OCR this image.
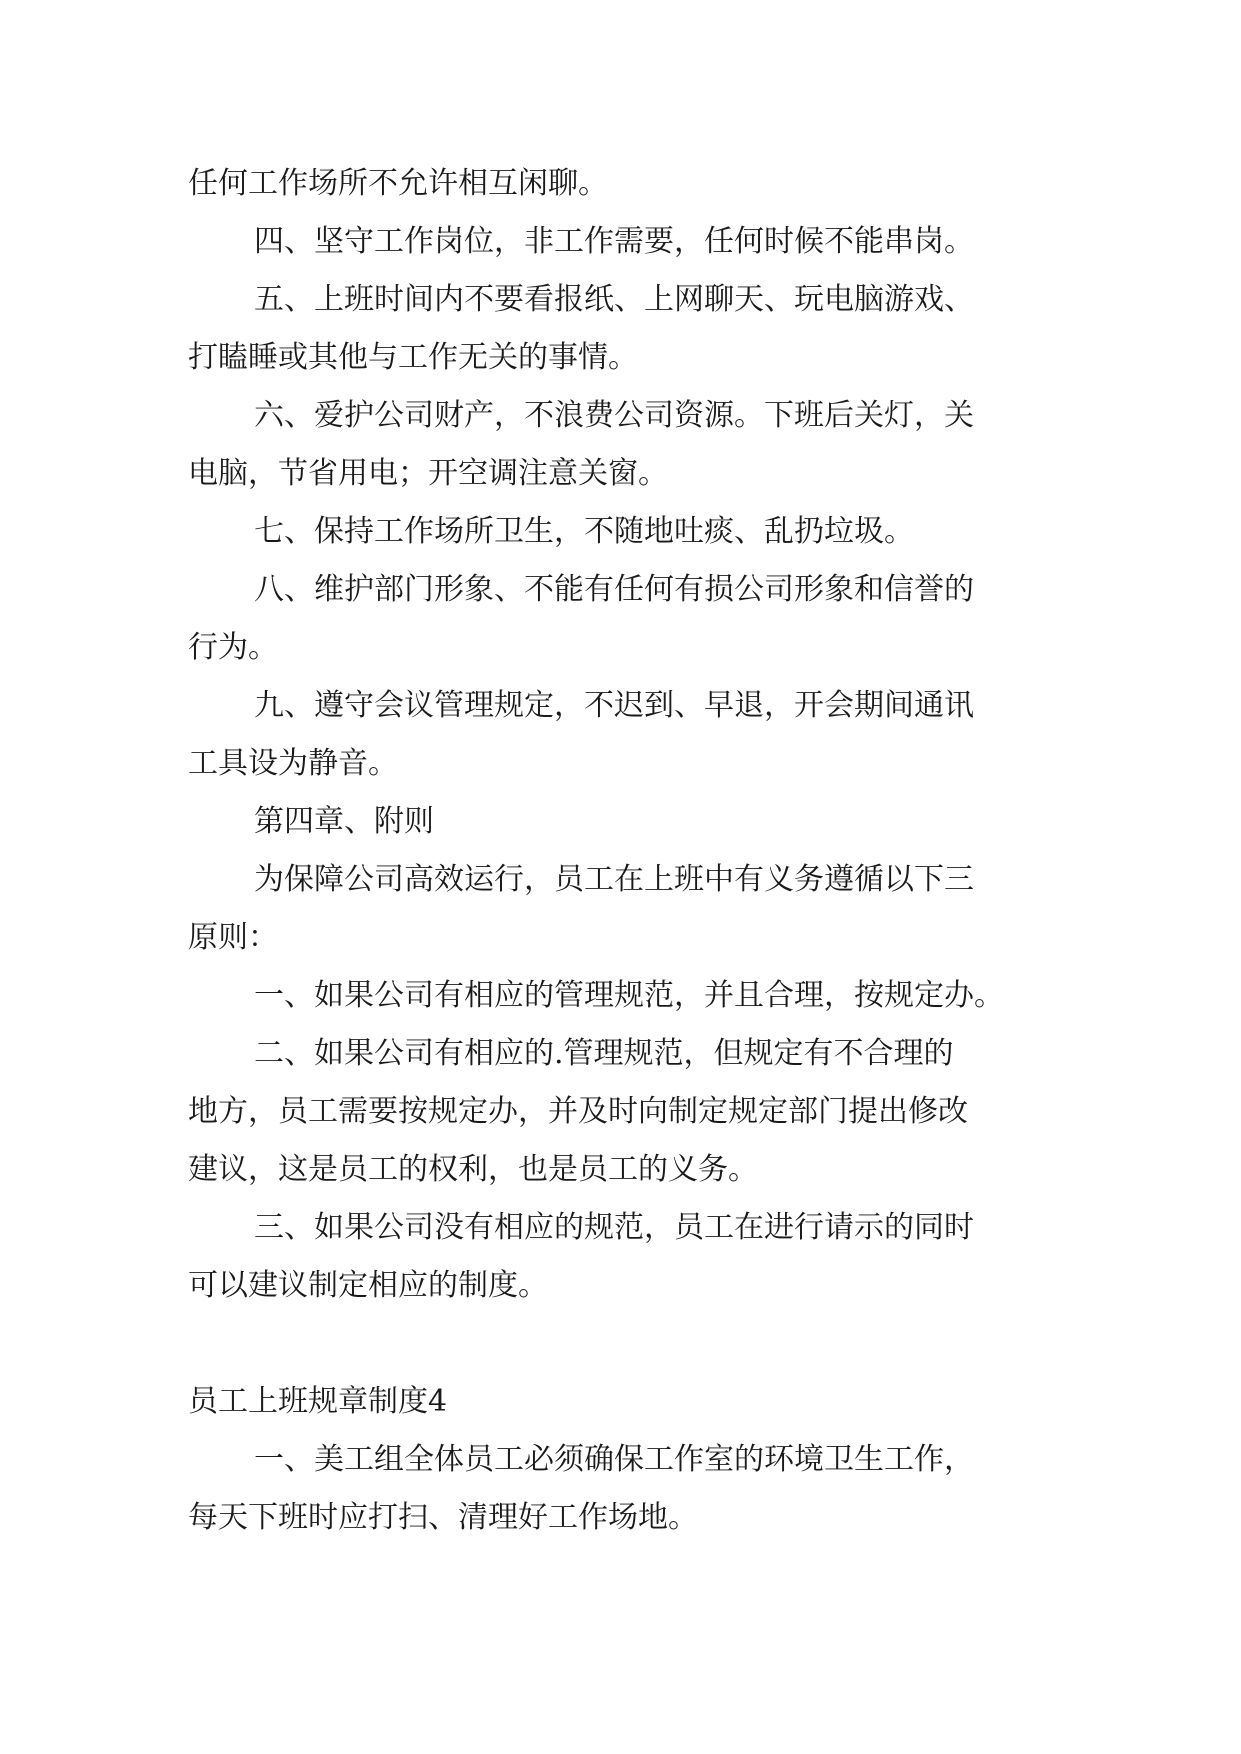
任何工作场所不允许相互闲聊。
四、坚守工作岗位，非工作需要，任何时候不能串岗。
五、上班时间内不要看报纸、上网聊天、玩电脑游戏、
打瞌睡或其他与工作无关的事情。
六、爱护公司财产，不浪费公司资源。下班后关灯，关
电脑，节省用电；开空调注意关窗。
七、保持工作场所卫生，不随地吐痰、乱扔垃圾。
八、维护部门形象、不能有任何有损公司形象和信誉的
行为。
九、遵守会议管理规定，不迟到、早退，开会期间通讯
工具设为静音。
第四章、附则
为保障公司高效运行，员工在上班中有义务遵循以下三
原则：
一、如果公司有相应的管理规范，并且合理，按规定办。
二、如果公司有相应的.管理规范，但规定有不合理的
地方，员工需要按规定办，并及时向制定规定部门提出修改
建议，这是员工的权利，也是员工的义务。
三、如果公司没有相应的规范，员工在进行请示的同时
可以建议制定相应的制度。
员工上班规章制度4
一、美工组全体员工必须确保工作室的环境卫生工作，
每天下班时应打扫、清理好工作场地。
